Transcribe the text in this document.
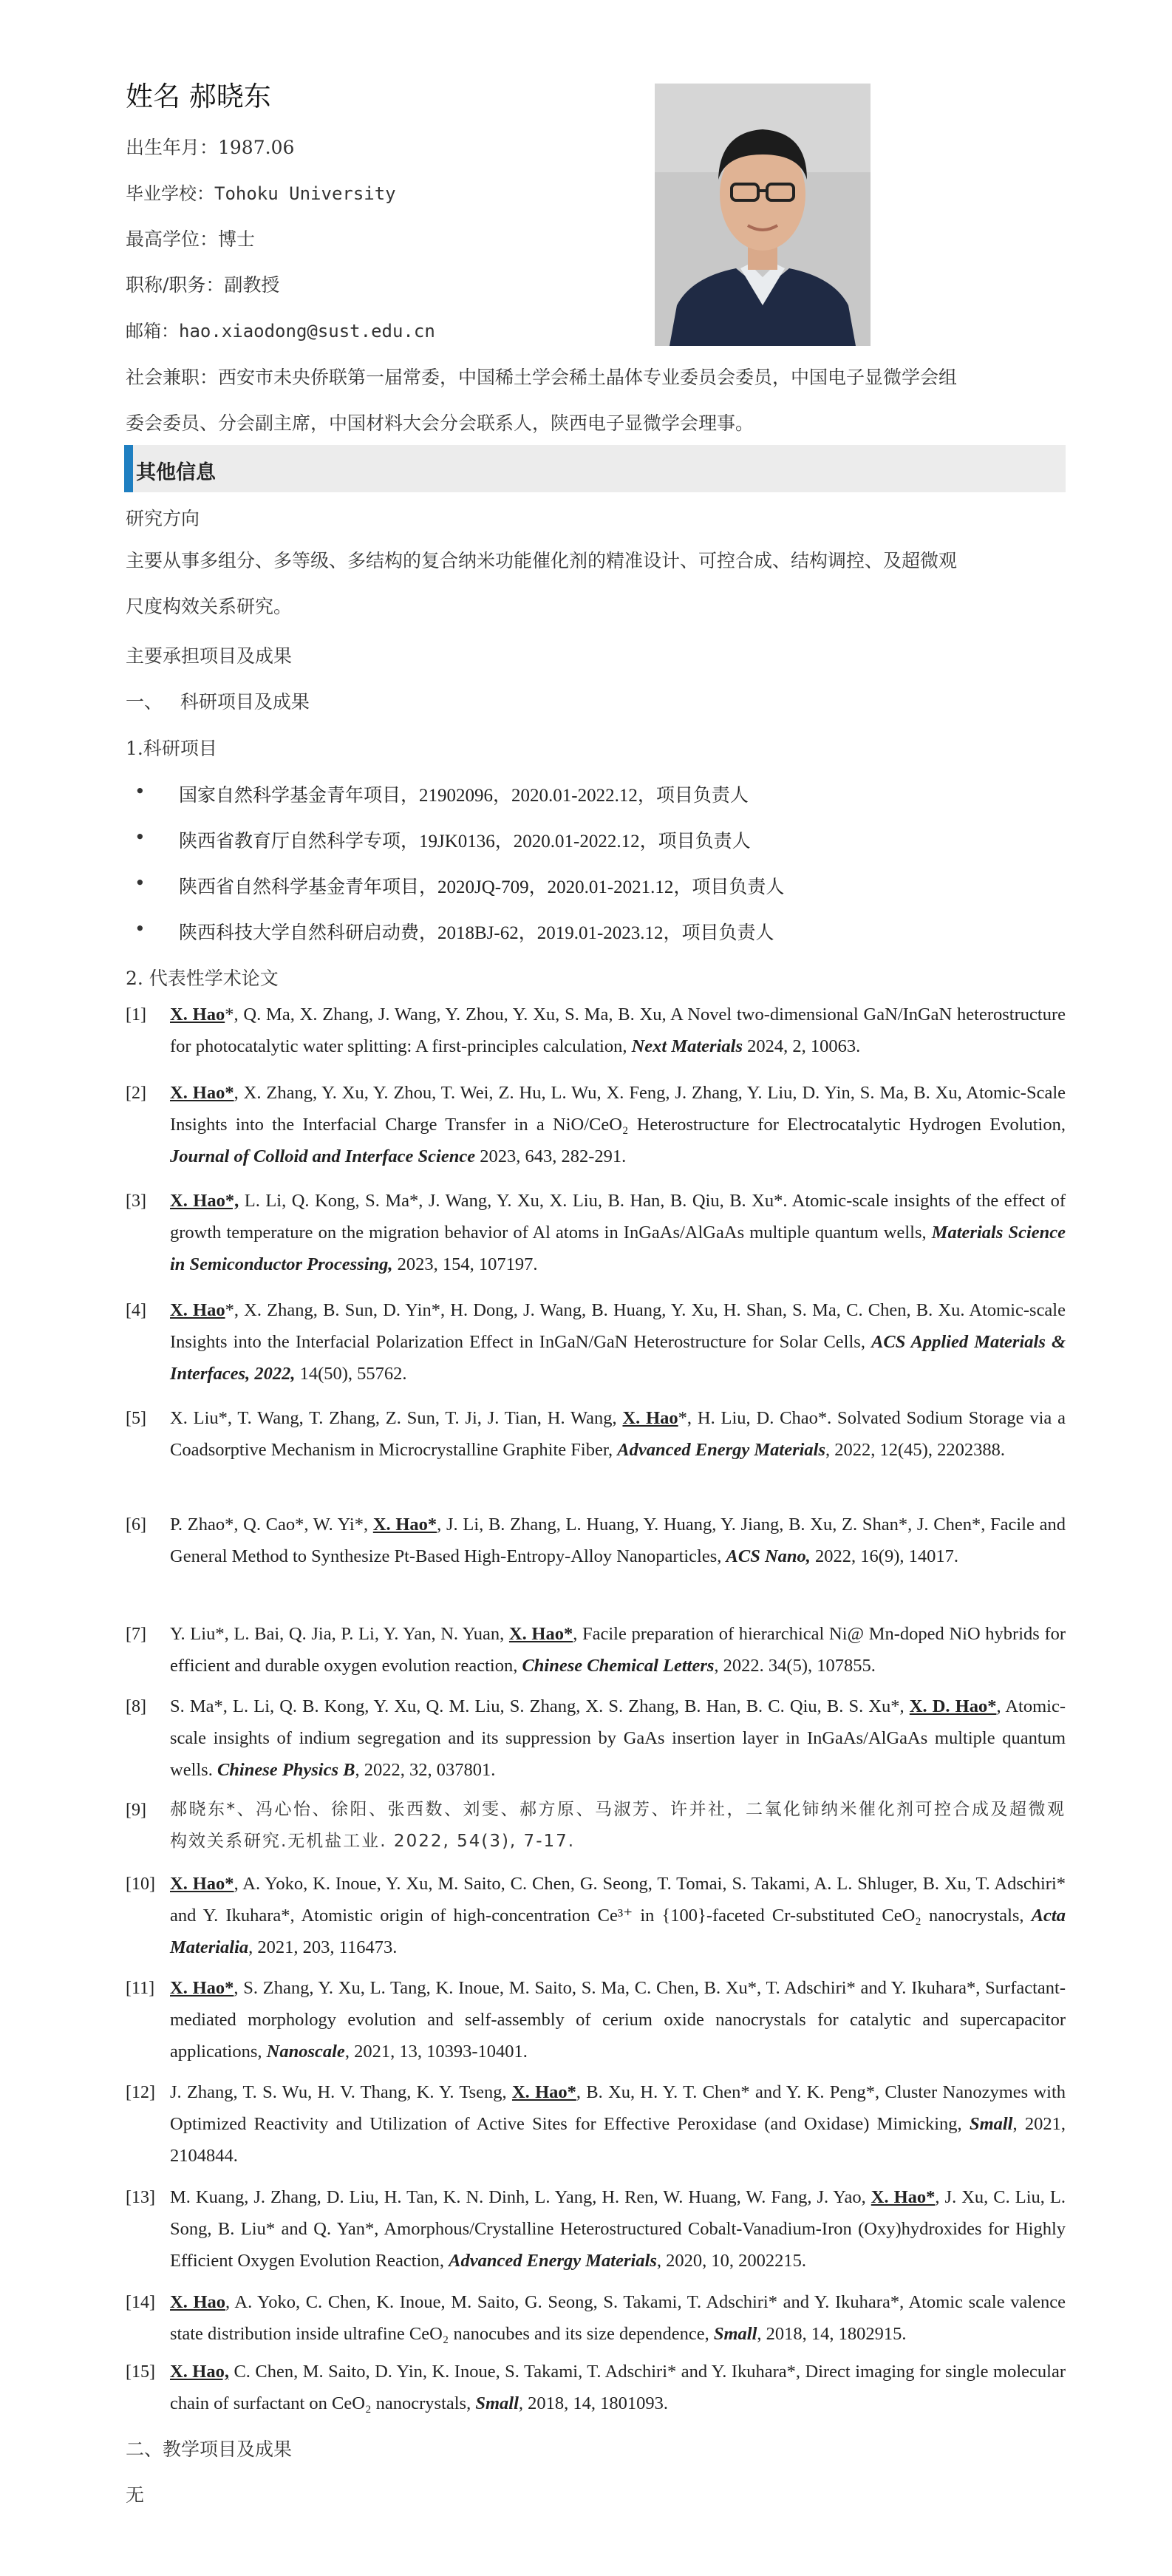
姓名 郝晓东
出生年月：1987.06
毕业学校：Tohoku University
最高学位：博士
职称/职务：副教授
邮箱：hao.xiaodong@sust.edu.cn
社会兼职：西安市未央侨联第一届常委，中国稀土学会稀土晶体专业委员会委员，中国电子显微学会组
委会委员、分会副主席，中国材料大会分会联系人，陕西电子显微学会理事。
其他信息
研究方向
主要从事多组分、多等级、多结构的复合纳米功能催化剂的精准设计、可控合成、结构调控、及超微观
尺度构效关系研究。
主要承担项目及成果
一、   科研项目及成果
1.科研项目
• 国家自然科学基金青年项目，21902096，2020.01-2022.12，项目负责人
• 陕西省教育厅自然科学专项，19JK0136，2020.01-2022.12，项目负责人
• 陕西省自然科学基金青年项目，2020JQ-709，2020.01-2021.12，项目负责人
• 陕西科技大学自然科研启动费，2018BJ-62，2019.01-2023.12，项目负责人
2. 代表性学术论文
[1] X. Hao*, Q. Ma, X. Zhang, J. Wang, Y. Zhou, Y. Xu, S. Ma, B. Xu, A Novel two-dimensional GaN/InGaN heterostructure for photocatalytic water splitting: A first-principles calculation, Next Materials 2024, 2, 10063.
[2] X. Hao*, X. Zhang, Y. Xu, Y. Zhou, T. Wei, Z. Hu, L. Wu, X. Feng, J. Zhang, Y. Liu, D. Yin, S. Ma, B. Xu, Atomic-Scale Insights into the Interfacial Charge Transfer in a NiO/CeO₂ Heterostructure for Electrocatalytic Hydrogen Evolution, Journal of Colloid and Interface Science 2023, 643, 282-291.
[3] X. Hao*, L. Li, Q. Kong, S. Ma*, J. Wang, Y. Xu, X. Liu, B. Han, B. Qiu, B. Xu*. Atomic-scale insights of the effect of growth temperature on the migration behavior of Al atoms in InGaAs/AlGaAs multiple quantum wells, Materials Science in Semiconductor Processing, 2023, 154, 107197.
[4] X. Hao*, X. Zhang, B. Sun, D. Yin*, H. Dong, J. Wang, B. Huang, Y. Xu, H. Shan, S. Ma, C. Chen, B. Xu. Atomic-scale Insights into the Interfacial Polarization Effect in InGaN/GaN Heterostructure for Solar Cells, ACS Applied Materials & Interfaces, 2022, 14(50), 55762.
[5] X. Liu*, T. Wang, T. Zhang, Z. Sun, T. Ji, J. Tian, H. Wang, X. Hao*, H. Liu, D. Chao*. Solvated Sodium Storage via a Coadsorptive Mechanism in Microcrystalline Graphite Fiber, Advanced Energy Materials, 2022, 12(45), 2202388.
[6] P. Zhao*, Q. Cao*, W. Yi*, X. Hao*, J. Li, B. Zhang, L. Huang, Y. Huang, Y. Jiang, B. Xu, Z. Shan*, J. Chen*, Facile and General Method to Synthesize Pt-Based High-Entropy-Alloy Nanoparticles, ACS Nano, 2022, 16(9), 14017.
[7] Y. Liu*, L. Bai, Q. Jia, P. Li, Y. Yan, N. Yuan, X. Hao*, Facile preparation of hierarchical Ni@ Mn-doped NiO hybrids for efficient and durable oxygen evolution reaction, Chinese Chemical Letters, 2022. 34(5), 107855.
[8] S. Ma*, L. Li, Q. B. Kong, Y. Xu, Q. M. Liu, S. Zhang, X. S. Zhang, B. Han, B. C. Qiu, B. S. Xu*, X. D. Hao*, Atomic-scale insights of indium segregation and its suppression by GaAs insertion layer in InGaAs/AlGaAs multiple quantum wells. Chinese Physics B, 2022, 32, 037801.
[9] 郝晓东*、冯心怡、徐阳、张西数、刘雯、郝方原、马淑芳、许并社，二氧化铈纳米催化剂可控合成及超微观构效关系研究.无机盐工业. 2022, 54(3), 7-17.
[10] X. Hao*, A. Yoko, K. Inoue, Y. Xu, M. Saito, C. Chen, G. Seong, T. Tomai, S. Takami, A. L. Shluger, B. Xu, T. Adschiri* and Y. Ikuhara*, Atomistic origin of high-concentration Ce³⁺ in {100}-faceted Cr-substituted CeO₂ nanocrystals, Acta Materialia, 2021, 203, 116473.
[11] X. Hao*, S. Zhang, Y. Xu, L. Tang, K. Inoue, M. Saito, S. Ma, C. Chen, B. Xu*, T. Adschiri* and Y. Ikuhara*, Surfactant-mediated morphology evolution and self-assembly of cerium oxide nanocrystals for catalytic and supercapacitor applications, Nanoscale, 2021, 13, 10393-10401.
[12] J. Zhang, T. S. Wu, H. V. Thang, K. Y. Tseng, X. Hao*, B. Xu, H. Y. T. Chen* and Y. K. Peng*, Cluster Nanozymes with Optimized Reactivity and Utilization of Active Sites for Effective Peroxidase (and Oxidase) Mimicking, Small, 2021, 2104844.
[13] M. Kuang, J. Zhang, D. Liu, H. Tan, K. N. Dinh, L. Yang, H. Ren, W. Huang, W. Fang, J. Yao, X. Hao*, J. Xu, C. Liu, L. Song, B. Liu* and Q. Yan*, Amorphous/Crystalline Heterostructured Cobalt-Vanadium-Iron (Oxy)hydroxides for Highly Efficient Oxygen Evolution Reaction, Advanced Energy Materials, 2020, 10, 2002215.
[14] X. Hao, A. Yoko, C. Chen, K. Inoue, M. Saito, G. Seong, S. Takami, T. Adschiri* and Y. Ikuhara*, Atomic scale valence state distribution inside ultrafine CeO₂ nanocubes and its size dependence, Small, 2018, 14, 1802915.
[15] X. Hao, C. Chen, M. Saito, D. Yin, K. Inoue, S. Takami, T. Adschiri* and Y. Ikuhara*, Direct imaging for single molecular chain of surfactant on CeO₂ nanocrystals, Small, 2018, 14, 1801093.
二、教学项目及成果
无
